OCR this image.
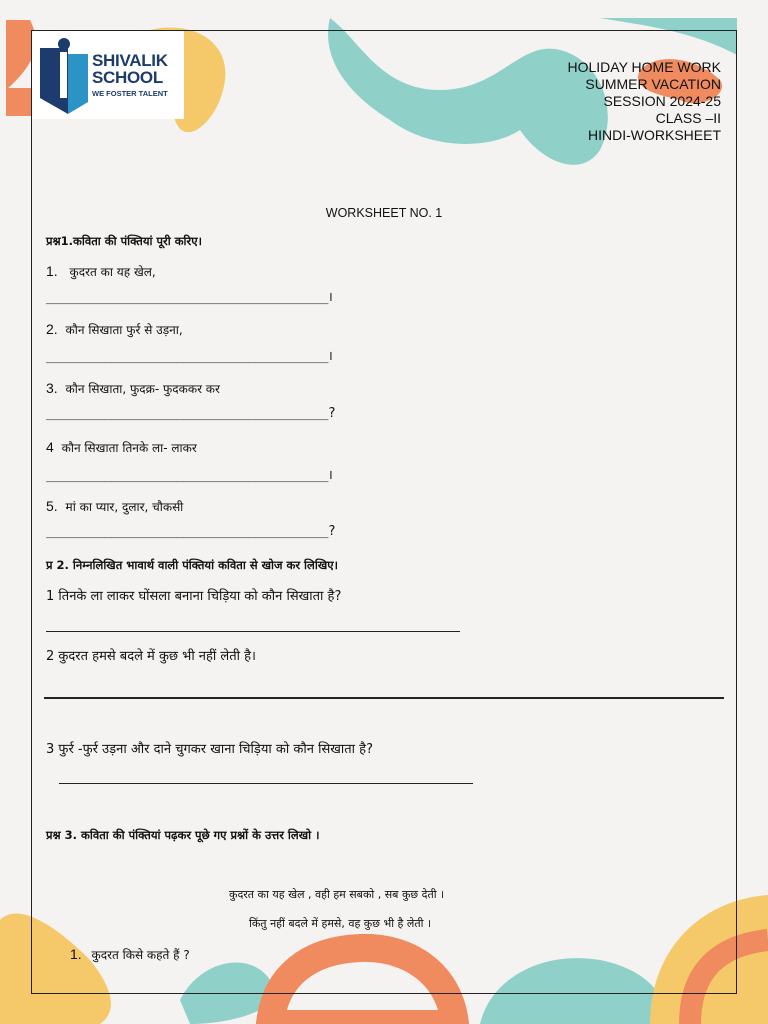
SHIVALIK
SCHOOL
WE FOSTER TALENT
HOLIDAY HOME WORK
SUMMER VACATION
SESSION 2024-25
CLASS –II
HINDI-WORKSHEET
WORKSHEET NO. 1
प्रश्न1.कविता की पंक्तियां पूरी करिए।
1. कुदरत का यह खेल,
_______________________________________।
2. कौन सिखाता फुर्र से उड़ना,
_______________________________________।
3. कौन सिखाता, फुदक्र- फुदककर कर
_______________________________________?
4 कौन सिखाता तिनके ला- लाकर
_______________________________________।
5. मां का प्यार, दुलार, चौकसी
_______________________________________?
प्र 2. निम्नलिखित भावार्थ वाली पंक्तियां कविता से खोज कर लिखिए।
1 तिनके ला लाकर घोंसला बनाना चिड़िया को कौन सिखाता है?
2 कुदरत हमसे बदले में कुछ भी नहीं लेती है।
3 फुर्र -फुर्र उड़ना और दाने चुगकर खाना चिड़िया को कौन सिखाता है?
प्रश्न 3. कविता की पंक्तियां पढ़कर पूछे गए प्रश्नों के उत्तर लिखो ।
कुदरत का यह खेल , वही हम सबको , सब कुछ देती ।
किंतु नहीं बदले में हमसे, वह कुछ भी है लेती ।
1. कुदरत किसे कहते हैं ?
